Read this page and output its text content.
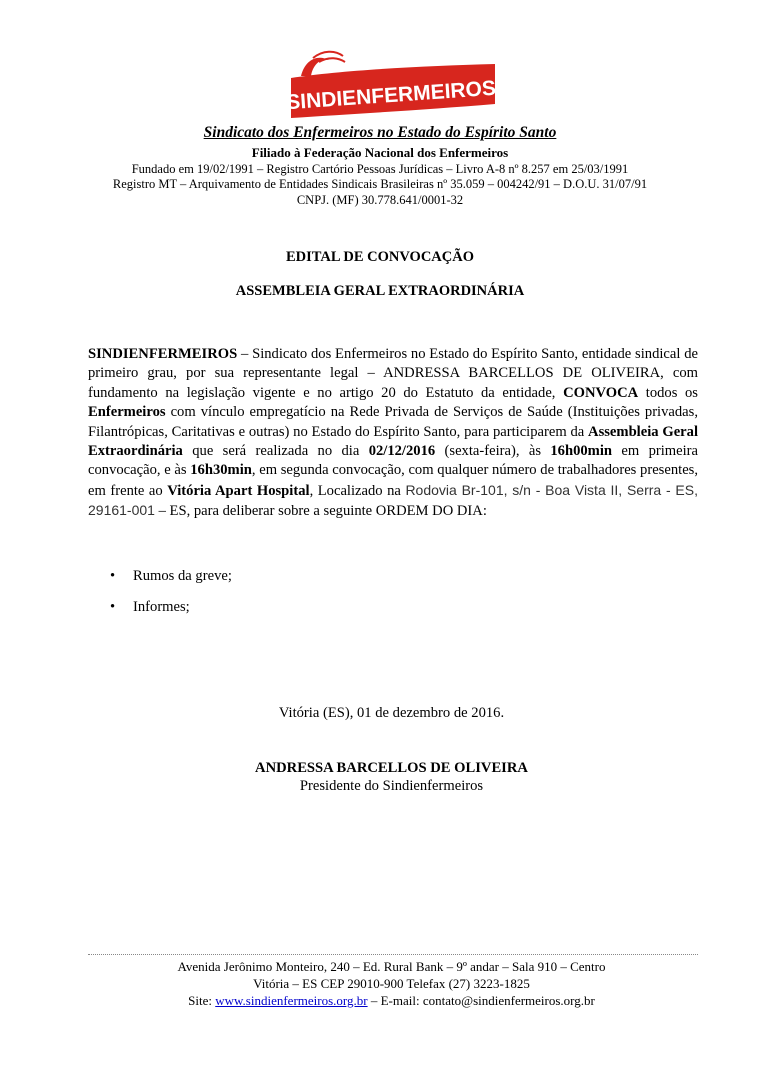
SINDIENFERMEIROS
Sindicato dos Enfermeiros no Estado do Espírito Santo
Filiado à Federação Nacional dos Enfermeiros
Fundado em 19/02/1991 – Registro Cartório Pessoas Jurídicas – Livro A-8 nº 8.257 em 25/03/1991
Registro MT – Arquivamento de Entidades Sindicais Brasileiras nº 35.059 – 004242/91 – D.O.U. 31/07/91
CNPJ. (MF) 30.778.641/0001-32
EDITAL DE CONVOCAÇÃO
ASSEMBLEIA GERAL EXTRAORDINÁRIA

SINDIENFERMEIROS – Sindicato dos Enfermeiros no Estado do Espírito Santo, entidade sindical de primeiro grau, por sua representante legal – ANDRESSA BARCELLOS DE OLIVEIRA, com fundamento na legislação vigente e no artigo 20 do Estatuto da entidade, CONVOCA todos os Enfermeiros com vínculo empregatício na Rede Privada de Serviços de Saúde (Instituições privadas, Filantrópicas, Caritativas e outras) no Estado do Espírito Santo, para participarem da Assembleia Geral Extraordinária que será realizada no dia 02/12/2016 (sexta-feira), às 16h00min em primeira convocação, e às 16h30min, em segunda convocação, com qualquer número de trabalhadores presentes, em frente ao Vitória Apart Hospital, Localizado na Rodovia Br-101, s/n - Boa Vista II, Serra - ES, 29161-001 – ES, para deliberar sobre a seguinte ORDEM DO DIA:

• Rumos da greve;
• Informes;
Vitória (ES), 01 de dezembro de 2016.
ANDRESSA BARCELLOS DE OLIVEIRA
Presidente do Sindienfermeiros
Avenida Jerônimo Monteiro, 240 – Ed. Rural Bank – 9º andar – Sala 910 – Centro
Vitória – ES CEP 29010-900 Telefax (27) 3223-1825
Site: www.sindienfermeiros.org.br – E-mail: contato@sindienfermeiros.org.br
